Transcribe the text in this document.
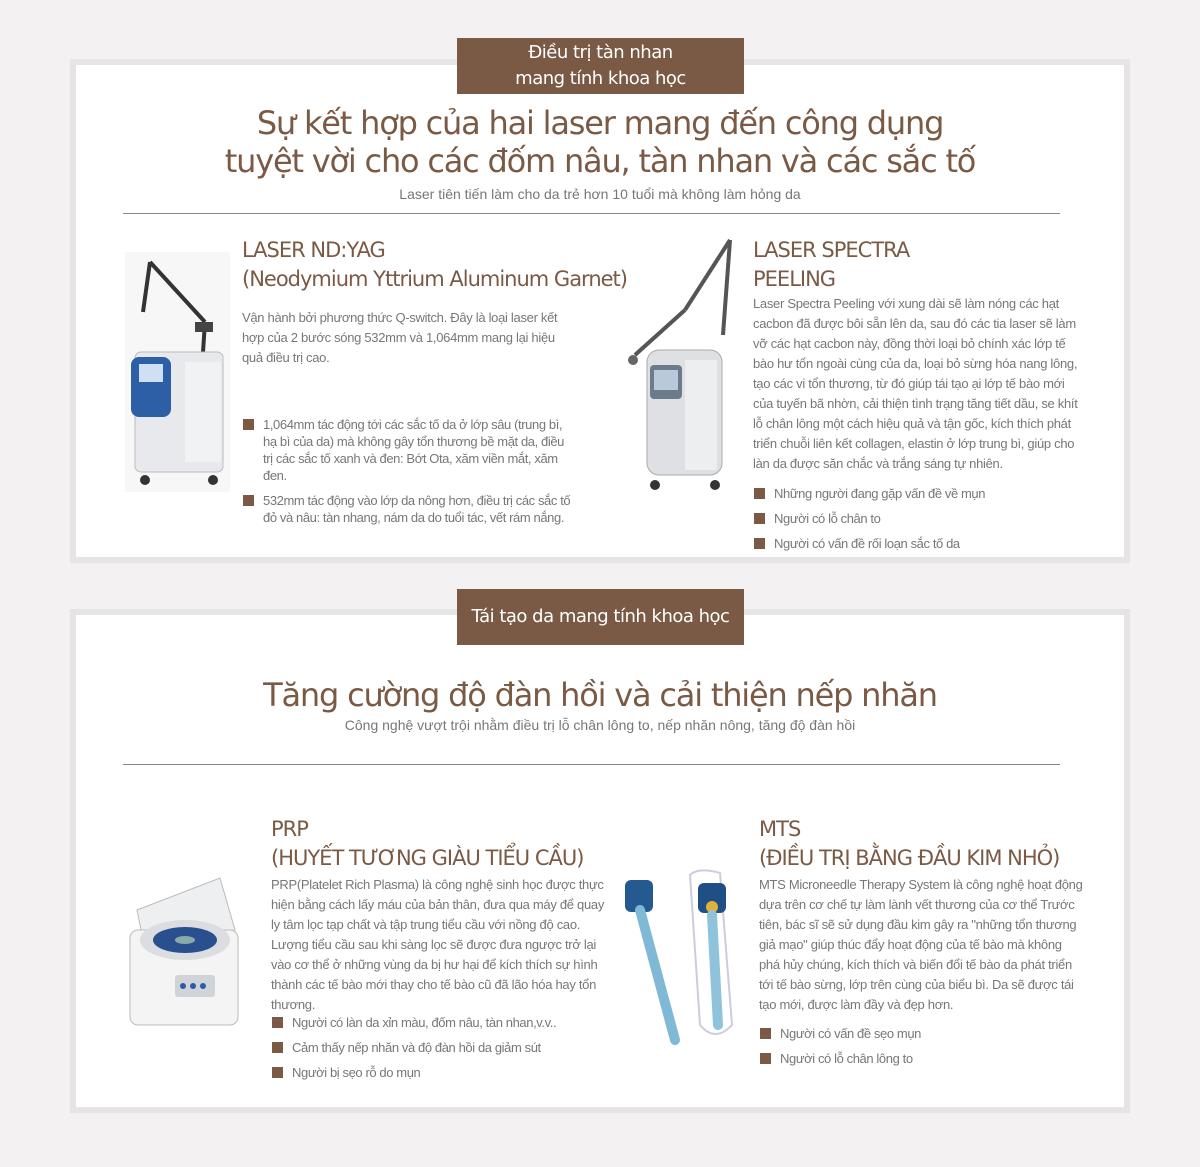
Điều trị tàn nhan
mang tính khoa học
Sự kết hợp của hai laser mang đến công dụng
tuyệt vời cho các đốm nâu, tàn nhan và các sắc tố
Laser tiên tiến làm cho da trẻ hơn 10 tuổi mà không làm hỏng da
LASER ND:YAG
(Neodymium Yttrium Aluminum Garnet)
Vận hành bởi phương thức Q-switch. Đây là loại laser kết hợp của 2 bước sóng 532mm và 1,064mm mang lại hiệu quả điều trị cao.
1,064mm tác động tới các sắc tố da ở lớp sâu (trung bì, hạ bì của da) mà không gây tổn thương bề mặt da, điều trị các sắc tố xanh và đen: Bớt Ota, xăm viền mắt, xăm đen.
532mm tác động vào lớp da nông hơn, điều trị các sắc tố đỏ và nâu: tàn nhang, nám da do tuổi tác, vết rám nắng.
LASER SPECTRA
PEELING
Laser Spectra Peeling với xung dài sẽ làm nóng các hạt cacbon đã được bôi sẵn lên da, sau đó các tia laser sẽ làm vỡ các hạt cacbon này, đồng thời loại bỏ chính xác lớp tế bào hư tổn ngoài cùng của da, loại bỏ sừng hóa nang lông, tạo các vi tổn thương, từ đó giúp tái tạo ại lớp tế bào mới của tuyến bã nhờn, cải thiện tình trạng tăng tiết dầu, se khít lỗ chân lông một cách hiệu quả và tận gốc, kích thích phát triển chuỗi liên kết collagen, elastin ở lớp trung bì, giúp cho làn da được săn chắc và trắng sáng tự nhiên.
Những người đang gặp vấn đề về mụn
Người có lỗ chân to
Người có vấn đề rối loạn sắc tố da
Tái tạo da mang tính khoa học
Tăng cường độ đàn hồi và cải thiện nếp nhăn
Công nghệ vượt trội nhằm điều trị lỗ chân lông to, nếp nhăn nông, tăng độ đàn hồi
PRP
(HUYẾT TƯƠNG GIÀU TIỂU CẦU)
PRP(Platelet Rich Plasma) là công nghệ sinh học được thực hiện bằng cách lấy máu của bản thân, đưa qua máy để quay ly tâm lọc tạp chất và tập trung tiểu cầu với nồng độ cao. Lượng tiểu cầu sau khi sàng lọc sẽ được đưa ngược trở lại vào cơ thể ở những vùng da bị hư hại để kích thích sự hình thành các tế bào mới thay cho tế bào cũ đã lão hóa hay tổn thương.
Người có làn da xỉn màu, đốm nâu, tàn nhan,v.v..
Cảm thấy nếp nhăn và độ đàn hồi da giảm sút
Người bị sẹo rỗ do mụn
MTS
(ĐIỀU TRỊ BẰNG ĐẦU KIM NHỎ)
MTS Microneedle Therapy System là công nghệ hoạt động dựa trên cơ chế tự làm lành vết thương của cơ thể Trước tiên, bác sĩ sẽ sử dụng đầu kim gây ra "những tổn thương giả mạo" giúp thúc đẩy hoạt động của tế bào mà không phá hủy chúng, kích thích và biến đổi tế bào da phát triển tới tế bào sừng, lớp trên cùng của biểu bì. Da sẽ được tái tạo mới, được làm đầy và đẹp hơn.
Người có vấn đề sẹo mụn
Người có lỗ chân lông to
